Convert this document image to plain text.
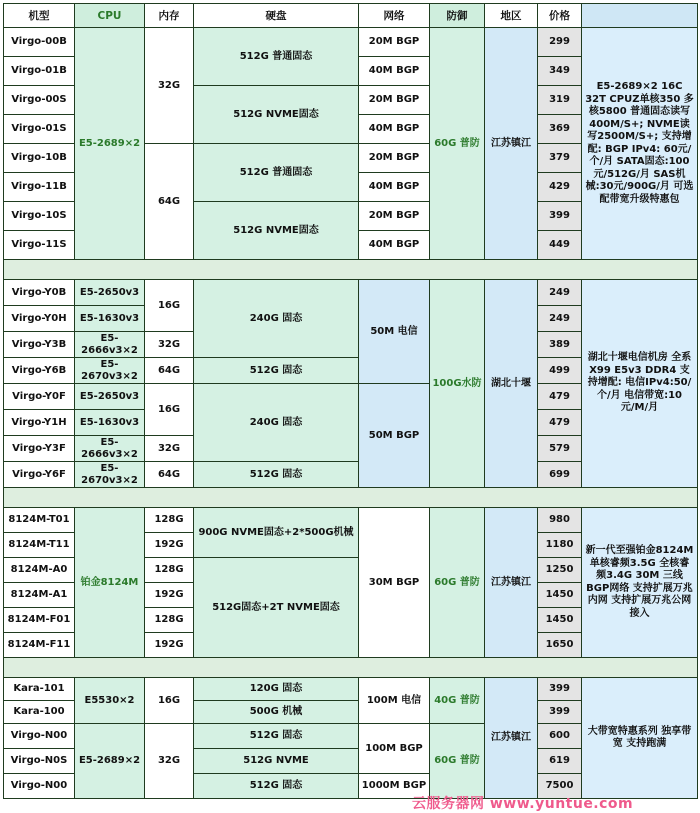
机型	CPU	内存	硬盘	网络	防御	地区	价格	
Virgo-00B	E5-2689×2	32G	512G 普通固态	20M BGP	60G 普防	江苏镇江	299	E5-2689×2 16C 32T CPUZ单核350 多核5800 普通固态读写400M/S+; NVME读写2500M/S+; 支持增配: BGP IPv4: 60元/个/月 SATA固态:100元/512G/月 SAS机械:30元/900G/月 可选配带宽升级特惠包
Virgo-01B				40M BGP			349	
Virgo-00S			512G NVME固态	20M BGP			319	
Virgo-01S				40M BGP			369	
Virgo-10B		64G	512G 普通固态	20M BGP			379	
Virgo-11B				40M BGP			429	
Virgo-10S			512G NVME固态	20M BGP			399	
Virgo-11S				40M BGP			449	

Virgo-Y0B	E5-2650v3	16G	240G 固态	50M 电信	100G水防	湖北十堰	249	湖北十堰电信机房 全系X99 E5v3 DDR4 支持增配: 电信IPv4:50/个/月 电信带宽:10元/M/月
Virgo-Y0H	E5-1630v3						249	
Virgo-Y3B	E5-2666v3×2	32G					389	
Virgo-Y6B	E5-2670v3×2	64G	512G 固态				499	
Virgo-Y0F	E5-2650v3	16G	240G 固态	50M BGP			479	
Virgo-Y1H	E5-1630v3						479	
Virgo-Y3F	E5-2666v3×2	32G					579	
Virgo-Y6F	E5-2670v3×2	64G	512G 固态				699	

8124M-T01	铂金8124M	128G	900G NVME固态+2*500G机械	30M BGP	60G 普防	江苏镇江	980	新一代至强铂金8124M 单核睿频3.5G 全核睿频3.4G 30M 三线BGP网络 支持扩展万兆内网 支持扩展万兆公网接入
8124M-T11		192G					1180	
8124M-A0		128G	512G固态+2T NVME固态				1250	
8124M-A1		192G					1450	
8124M-F01		128G					1450	
8124M-F11		192G					1650	

Kara-101	E5530×2	16G	120G 固态	100M 电信	40G 普防	江苏镇江	399	大带宽特惠系列 独享带宽 支持跑满
Kara-100			500G 机械				399	
Virgo-N00	E5-2689×2	32G	512G 固态	100M BGP	60G 普防		600	
Virgo-N0S			512G NVME				619	
Virgo-N00			512G 固态	1000M BGP			7500	
云服务器网 www.yuntue.com
